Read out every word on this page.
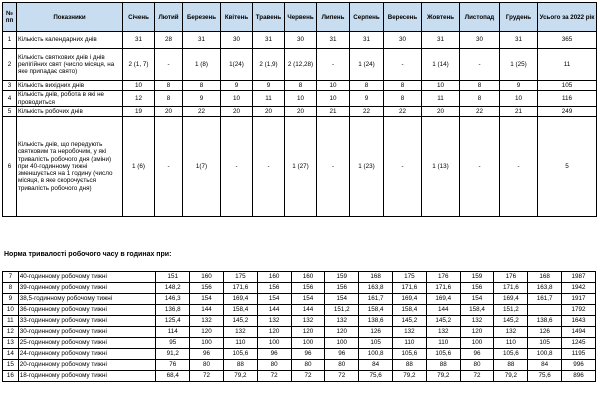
№ пп	Показники	Січень	Лютий	Березень	Квітень	Травень	Червень	Липень	Серпень	Вересень	Жовтень	Листопад	Грудень	Усього за 2022 рік
1	Кількість календарних днів	31	28	31	30	31	30	31	31	30	31	30	31	365
2	Кількість святкових днів і днів релігійних свят (число місяця, на яке припадає свято)	2 (1, 7)	-	1 (8)	1(24)	2 (1,9)	2 (12,28)	-	1 (24)	-	1 (14)	-	1 (25)	11
3	Кількість вихідних днів	10	8	8	9	9	8	10	8	8	10	8	9	105
4	Кількість днів, робота в які не проводиться	12	8	9	10	11	10	10	9	8	11	8	10	116
5	Кількість робочих днів	19	20	22	20	20	20	21	22	22	20	22	21	249
6	Кількість днів, що передують святковим та неробочим, у які тривалість робочого дня (зміни) при 40-годинному тижні зменшується на 1 годину (число місяця, в яке скорочується тривалість робочого дня)	1 (6)	-	1(7)	-	-	1 (27)	-	1 (23)	-	1 (13)	-	-	5
Норма тривалості робочого часу в годинах при:
7	40-годинному робочому тижні	151	160	175	160	160	159	168	175	176	159	176	168	1987
8	39-годинному робочому тижні	148,2	156	171,6	156	156	156	163,8	171,6	171,6	156	171,6	163,8	1942
9	38,5-годинному робочому тижні	146,3	154	169,4	154	154	154	161,7	169,4	169,4	154	169,4	161,7	1917
10	36-годинному робочому тижні	136,8	144	158,4	144	144	151,2	158,4	158,4	144	158,4	151,2		1792
11	33-годинному робочому тижні	125,4	132	145,2	132	132	132	138,6	145,2	145,2	132	145,2	138,6	1643
12	30-годинному робочому тижні	114	120	132	120	120	120	126	132	132	120	132	126	1494
13	25-годинному робочому тижні	95	100	110	100	100	100	105	110	110	100	110	105	1245
14	24-годинному робочому тижні	91,2	96	105,6	96	96	96	100,8	105,6	105,6	96	105,6	100,8	1195
15	20-годинному робочому тижні	76	80	88	80	80	80	84	88	88	80	88	84	996
16	18-годинному робочому тижні	68,4	72	79,2	72	72	72	75,6	79,2	79,2	72	79,2	75,6	896
